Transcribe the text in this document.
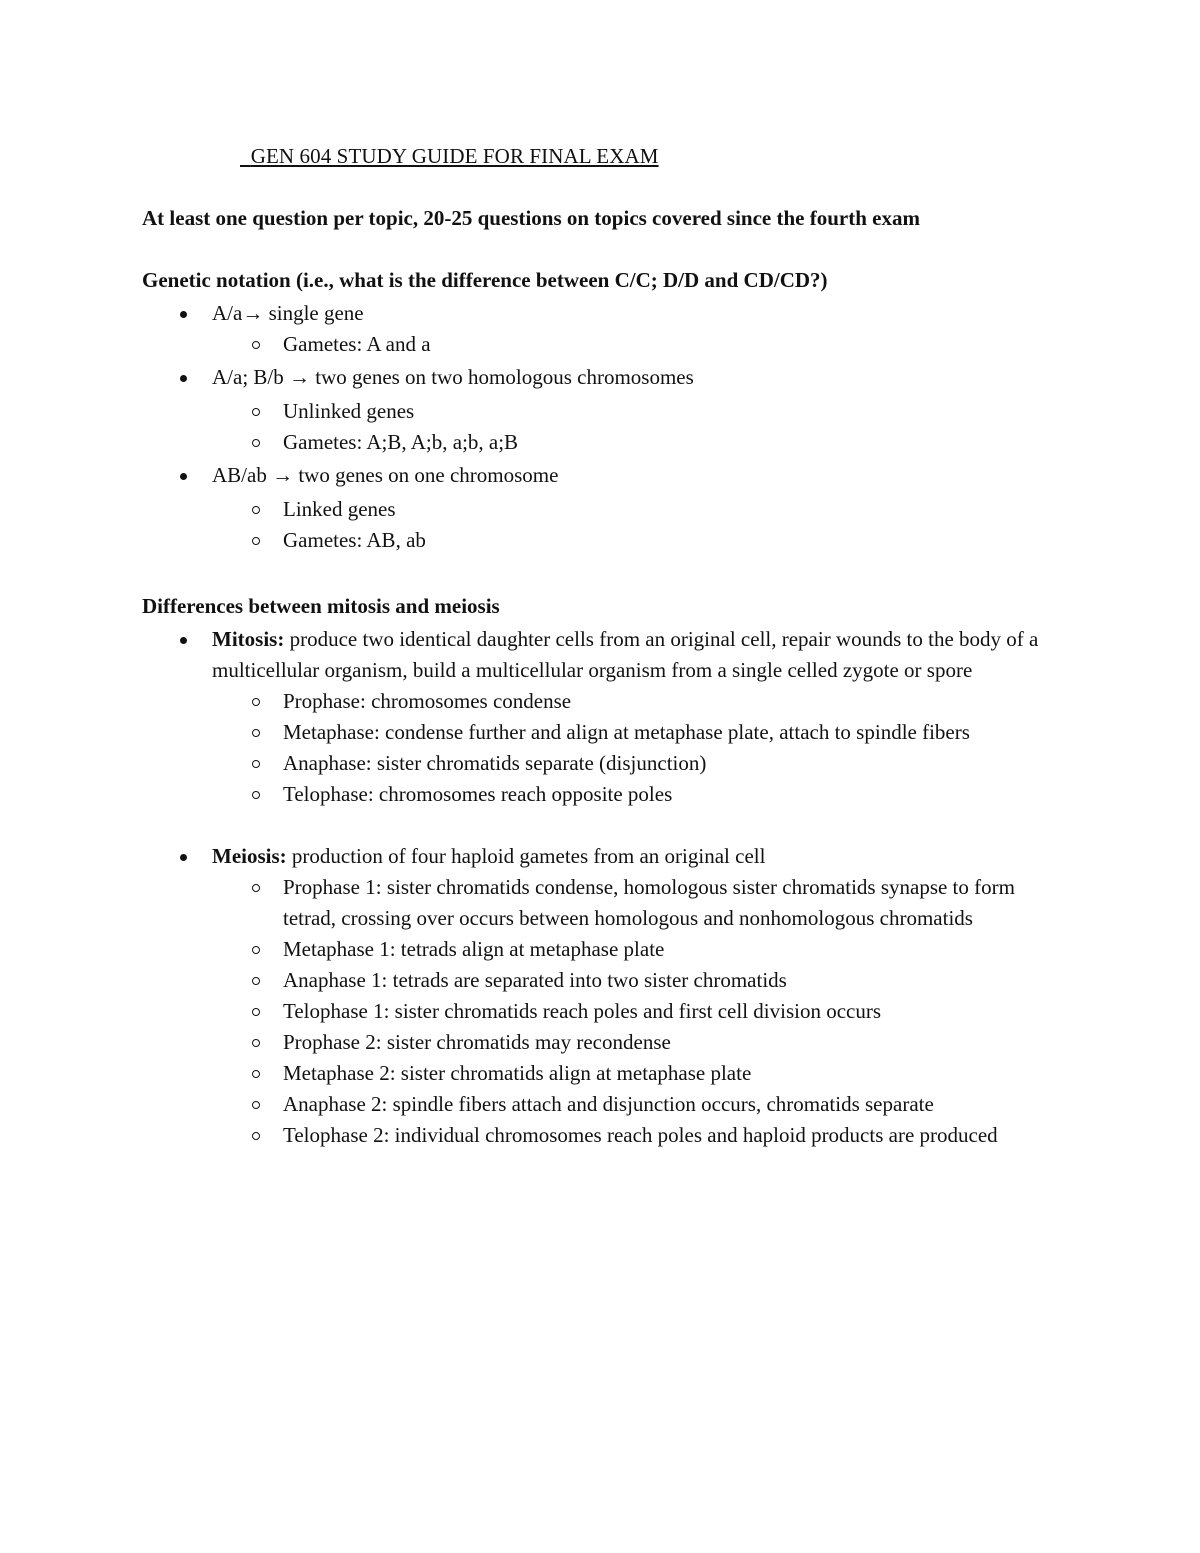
GEN 604 STUDY GUIDE FOR FINAL EXAM
At least one question per topic, 20-25 questions on topics covered since the fourth exam
Genetic notation (i.e., what is the difference between C/C; D/D and CD/CD?)
A/a→ single gene
Gametes: A and a
A/a; B/b → two genes on two homologous chromosomes
Unlinked genes
Gametes: A;B, A;b, a;b, a;B
AB/ab → two genes on one chromosome
Linked genes
Gametes: AB, ab
Differences between mitosis and meiosis
Mitosis: produce two identical daughter cells from an original cell, repair wounds to the body of a multicellular organism, build a multicellular organism from a single celled zygote or spore
Prophase: chromosomes condense
Metaphase: condense further and align at metaphase plate, attach to spindle fibers
Anaphase: sister chromatids separate (disjunction)
Telophase: chromosomes reach opposite poles
Meiosis: production of four haploid gametes from an original cell
Prophase 1: sister chromatids condense, homologous sister chromatids synapse to form tetrad, crossing over occurs between homologous and nonhomologous chromatids
Metaphase 1: tetrads align at metaphase plate
Anaphase 1: tetrads are separated into two sister chromatids
Telophase 1: sister chromatids reach poles and first cell division occurs
Prophase 2: sister chromatids may recondense
Metaphase 2: sister chromatids align at metaphase plate
Anaphase 2: spindle fibers attach and disjunction occurs, chromatids separate
Telophase 2: individual chromosomes reach poles and haploid products are produced
